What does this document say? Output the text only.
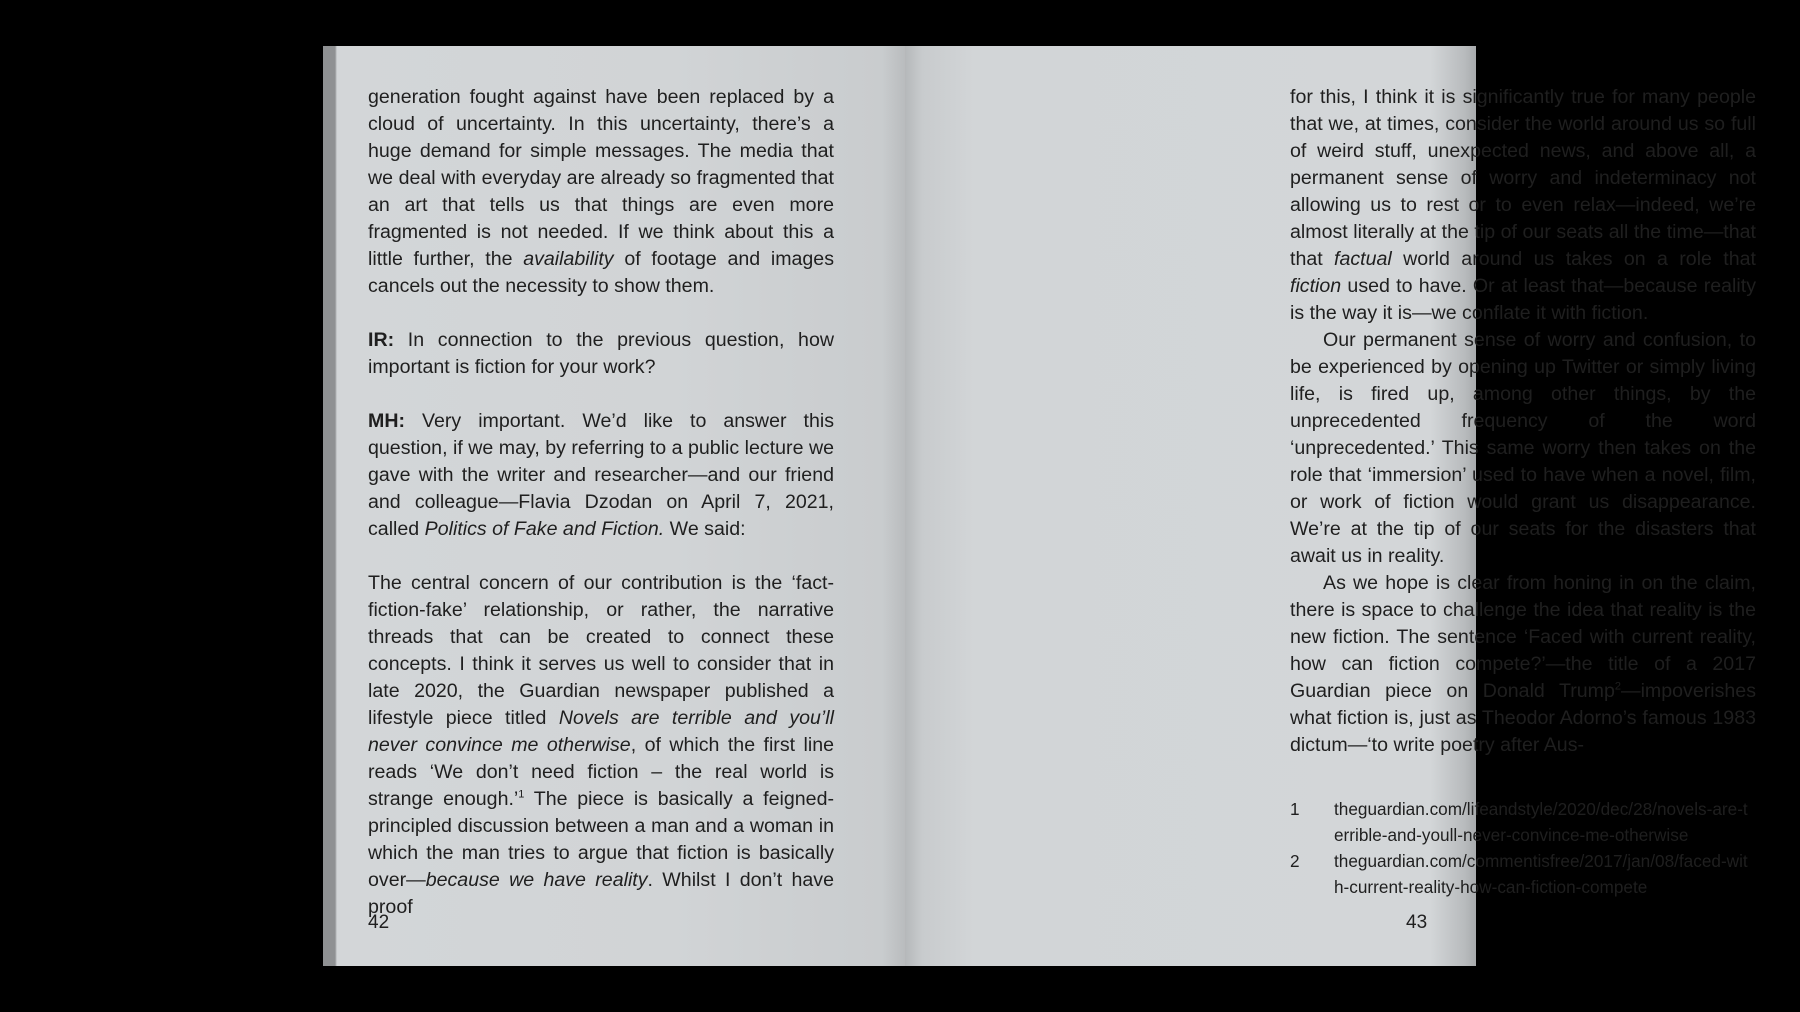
generation fought against have been replaced by a cloud of uncertainty. In this uncertainty, there’s a huge demand for simple messages. The media that we deal with everyday are already so fragmented that an art that tells us that things are even more fragmented is not needed. If we think about this a little further, the availability of footage and images cancels out the necessity to show them.

IR: In connection to the previous question, how important is fiction for your work?

MH: Very important. We’d like to answer this question, if we may, by referring to a public lecture we gave with the writer and researcher—and our friend and colleague—Flavia Dzodan on April 7, 2021, called Politics of Fake and Fiction. We said:

The central concern of our contribution is the ‘fact-fiction-fake’ relationship, or rather, the narrative threads that can be created to connect these concepts. I think it serves us well to consider that in late 2020, the Guardian newspaper published a lifestyle piece titled Novels are terrible and you’ll never convince me otherwise, of which the first line reads ‘We don’t need fiction – the real world is strange enough.’$^1$ The piece is basically a feigned-principled discussion between a man and a woman in which the man tries to argue that fiction is basically over—because we have reality. Whilst I don’t have proof

42

for this, I think it is significantly true for many people that we, at times, consider the world around us so full of weird stuff, unexpected news, and above all, a permanent sense of worry and indeterminacy not allowing us to rest or to even relax—indeed, we’re almost literally at the tip of our seats all the time—that that factual world around us takes on a role that fiction used to have. Or at least that—because reality is the way it is—we conflate it with fiction.

Our permanent sense of worry and confusion, to be experienced by opening up Twitter or simply living life, is fired up, among other things, by the unprecedented frequency of the word ‘unprecedented.’ This same worry then takes on the role that ‘immersion’ used to have when a novel, film, or work of fiction would grant us disappearance. We’re at the tip of our seats for the disasters that await us in reality.

As we hope is clear from honing in on the claim, there is space to challenge the idea that reality is the new fiction. The sentence ‘Faced with current reality, how can fiction compete?’—the title of a 2017 Guardian piece on Donald Trump$^2$—impoverishes what fiction is, just as Theodor Adorno’s famous 1983 dictum—‘to write poetry after Aus-

1	theguardian.com/lifeandstyle/2020/dec/28/novels-are-terrible-and-youll-never-convince-me-otherwise
2	theguardian.com/commentisfree/2017/jan/08/faced-with-current-reality-how-can-fiction-compete
43
